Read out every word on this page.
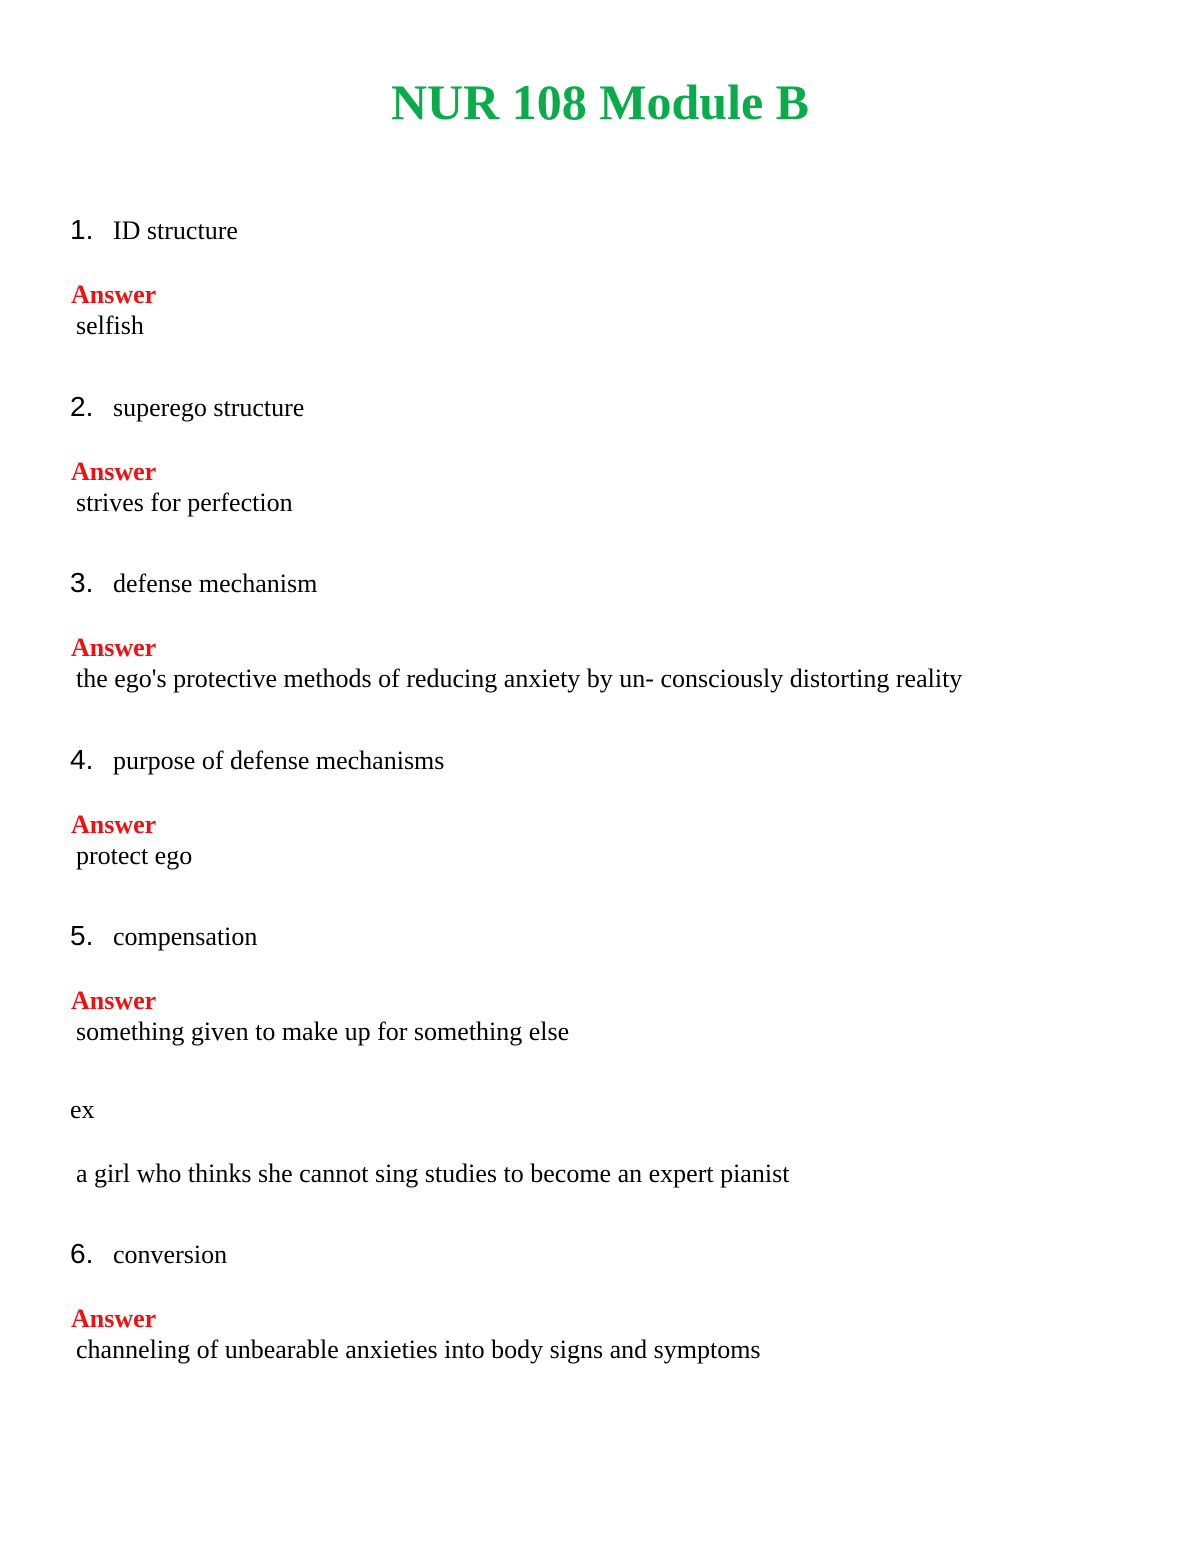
NUR 108 Module B
1. ID structure
Answer
selfish
2. superego structure
Answer
strives for perfection
3. defense mechanism
Answer
the ego's protective methods of reducing anxiety by un- consciously distorting reality
4. purpose of defense mechanisms
Answer
protect ego
5. compensation
Answer
something given to make up for something else
ex
a girl who thinks she cannot sing studies to become an expert pianist
6. conversion
Answer
channeling of unbearable anxieties into body signs and symptoms
